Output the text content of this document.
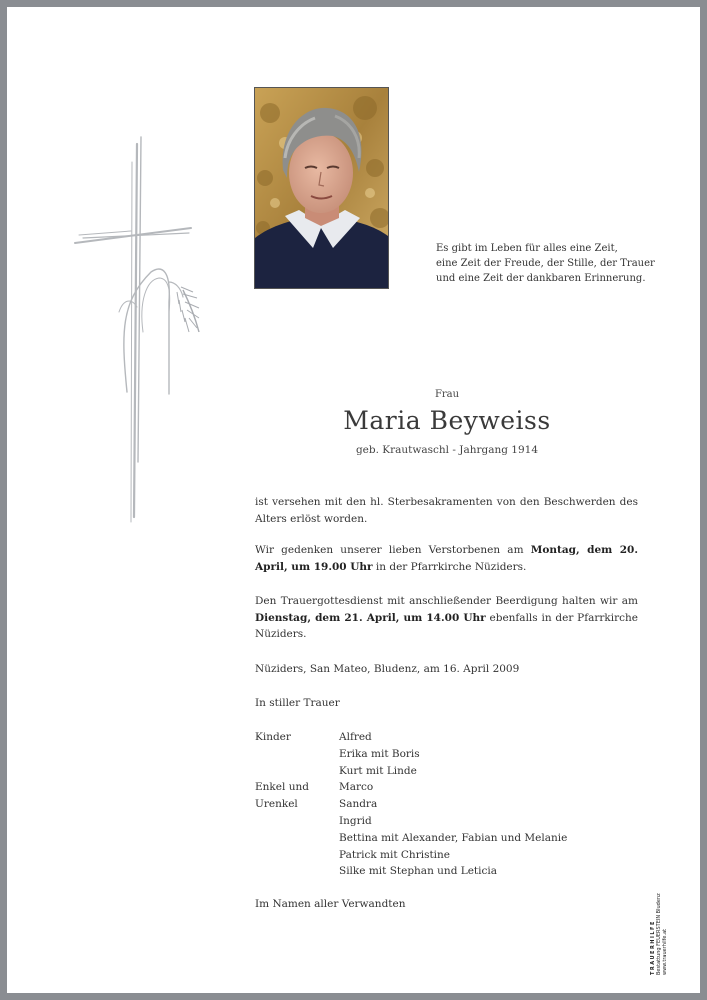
Es gibt im Leben für alles eine Zeit,
eine Zeit der Freude, der Stille, der Trauer
und eine Zeit der dankbaren Erinnerung.
Frau
Maria Beyweiss
geb. Krautwaschl - Jahrgang 1914
ist versehen mit den hl. Sterbesakramenten von den Beschwerden des Alters erlöst worden.
Wir gedenken unserer lieben Verstorbenen am Montag, dem 20. April, um 19.00 Uhr in der Pfarrkirche Nüziders.
Den Trauergottesdienst mit anschließender Beerdigung halten wir am Dienstag, dem 21. April, um 14.00 Uhr ebenfalls in der Pfarrkirche Nüziders.
Nüziders, San Mateo, Bludenz, am 16. April 2009
In stiller Trauer
Kinder	Alfred
Erika mit Boris
Kurt mit Linde
Enkel und	Marco
Urenkel	Sandra
Ingrid
Bettina mit Alexander, Fabian und Melanie
Patrick mit Christine
Silke mit Stephan und Leticia
Im Namen aller Verwandten
TRAUERHILFE Bestattung FEUERSTEIN Bludenz www.trauerhilfe.at
